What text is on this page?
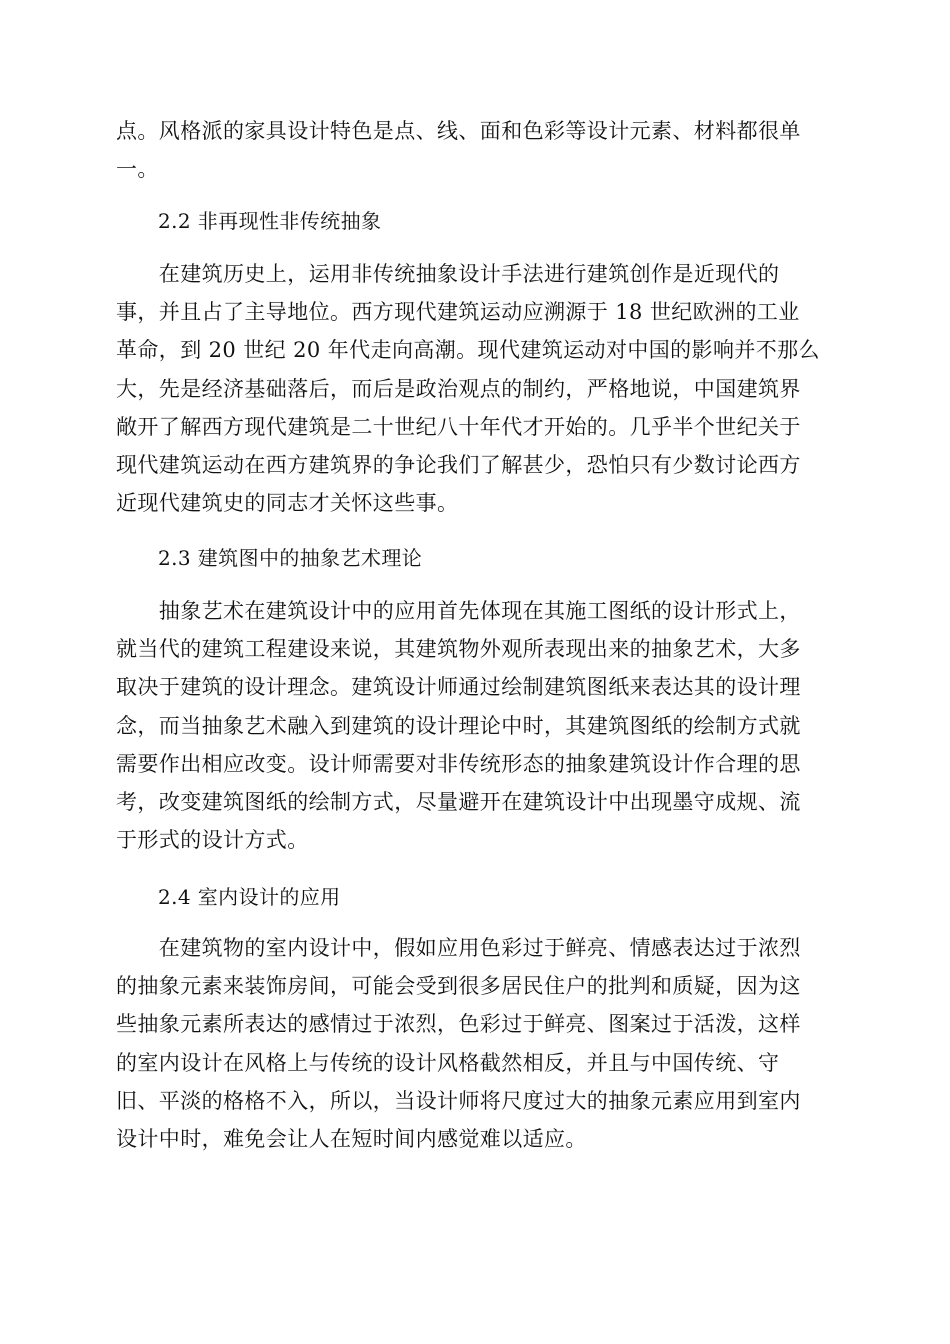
点。风格派的家具设计特色是点、线、面和色彩等设计元素、材料都很单
一。
2.2 非再现性非传统抽象
　　在建筑历史上，运用非传统抽象设计手法进行建筑创作是近现代的
事，并且占了主导地位。西方现代建筑运动应溯源于 18 世纪欧洲的工业
革命，到 20 世纪 20 年代走向高潮。现代建筑运动对中国的影响并不那么
大，先是经济基础落后，而后是政治观点的制约，严格地说，中国建筑界
敞开了解西方现代建筑是二十世纪八十年代才开始的。几乎半个世纪关于
现代建筑运动在西方建筑界的争论我们了解甚少，恐怕只有少数讨论西方
近现代建筑史的同志才关怀这些事。
2.3 建筑图中的抽象艺术理论
　　抽象艺术在建筑设计中的应用首先体现在其施工图纸的设计形式上，
就当代的建筑工程建设来说，其建筑物外观所表现出来的抽象艺术，大多
取决于建筑的设计理念。建筑设计师通过绘制建筑图纸来表达其的设计理
念，而当抽象艺术融入到建筑的设计理论中时，其建筑图纸的绘制方式就
需要作出相应改变。设计师需要对非传统形态的抽象建筑设计作合理的思
考，改变建筑图纸的绘制方式，尽量避开在建筑设计中出现墨守成规、流
于形式的设计方式。
2.4 室内设计的应用
　　在建筑物的室内设计中，假如应用色彩过于鲜亮、情感表达过于浓烈
的抽象元素来装饰房间，可能会受到很多居民住户的批判和质疑，因为这
些抽象元素所表达的感情过于浓烈，色彩过于鲜亮、图案过于活泼，这样
的室内设计在风格上与传统的设计风格截然相反，并且与中国传统、守
旧、平淡的格格不入，所以，当设计师将尺度过大的抽象元素应用到室内
设计中时，难免会让人在短时间内感觉难以适应。
